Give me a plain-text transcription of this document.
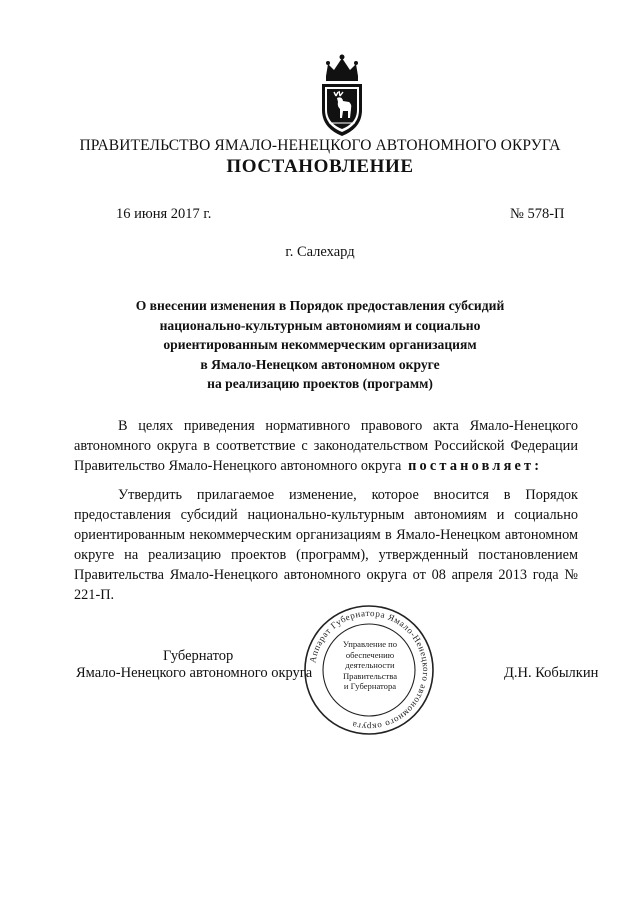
ПРАВИТЕЛЬСТВО ЯМАЛО-НЕНЕЦКОГО АВТОНОМНОГО ОКРУГА
ПОСТАНОВЛЕНИЕ
16 июня 2017 г.	№ 578-П
г. Салехард
О внесении изменения в Порядок предоставления субсидий
национально-культурным автономиям и социально
ориентированным некоммерческим организациям
в Ямало-Ненецком автономном округе
на реализацию проектов (программ)

В целях приведения нормативного правового акта Ямало-Ненецкого автономного округа в соответствие с законодательством Российской Федерации Правительство Ямало-Ненецкого автономного округа постановляет:

Утвердить прилагаемое изменение, которое вносится в Порядок предоставления субсидий национально-культурным автономиям и социально ориентированным некоммерческим организациям в Ямало-Ненецком автономном округе на реализацию проектов (программ), утвержденный постановлением Правительства Ямало-Ненецкого автономного округа от 08 апреля 2013 года № 221-П.

Губернатор
Ямало-Ненецкого автономного округа	Д.Н. Кобылкин
Аппарат Губернатора Ямало-Ненецкого автономного округа
Управление по
обеспечению
деятельности
Правительства
и Губернатора
